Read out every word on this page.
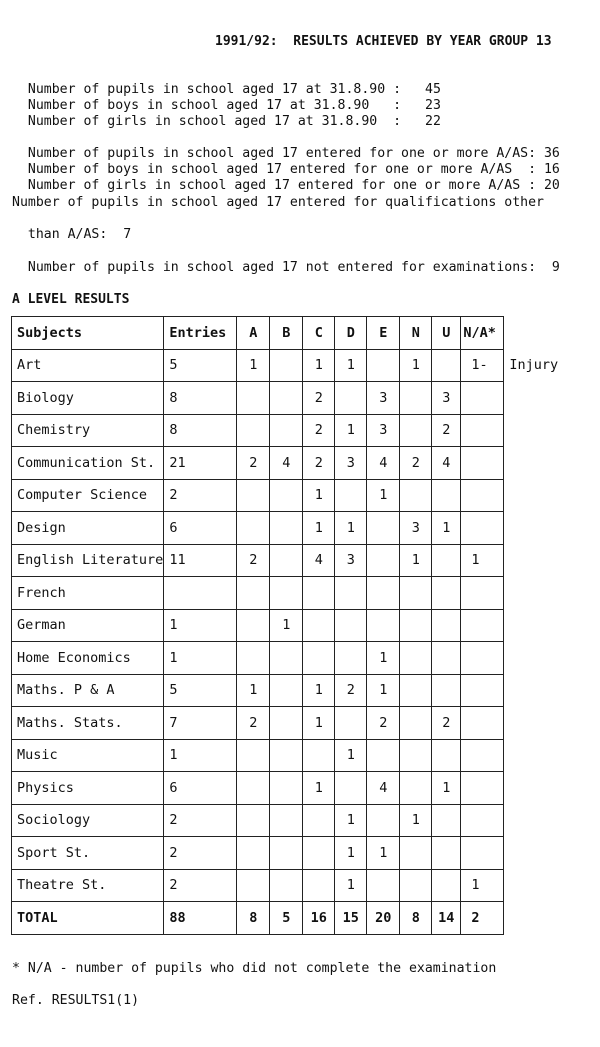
1991/92:  RESULTS ACHIEVED BY YEAR GROUP 13

Number of pupils in school aged 17 at 31.8.90 : 45

Number of boys in school aged 17 at 31.8.90   : 23

Number of girls in school aged 17 at 31.8.90  : 22

Number of pupils in school aged 17 entered for one or more A/AS: 36

Number of boys in school aged 17 entered for one or more A/AS  : 16

Number of girls in school aged 17 entered for one or more A/AS : 20

Number of pupils in school aged 17 entered for qualifications other

than A/AS: 7

Number of pupils in school aged 17 not entered for examinations: 9

A LEVEL RESULTS
Subjects	Entries	A	B	C	D	E	N	U	N/A*	
Art	5	1		1	1		1		1-	Injury
Biology	8			2		3		3		
Chemistry	8			2	1	3		2		
Communication St.	21	2	4	2	3	4	2	4		
Computer Science	2			1		1				
Design	6			1	1		3	1		
English Literature	11	2		4	3		1		1	
French										
German	1		1							
Home Economics	1					1				
Maths. P & A	5	1		1	2	1				
Maths. Stats.	7	2		1		2		2		
Music	1				1					
Physics	6			1		4		1		
Sociology	2				1		1			
Sport St.	2				1	1				
Theatre St.	2				1				1	
TOTAL	88	8	5	16	15	20	8	14	2	
* N/A - number of pupils who did not complete the examination
Ref. RESULTS1(1)
